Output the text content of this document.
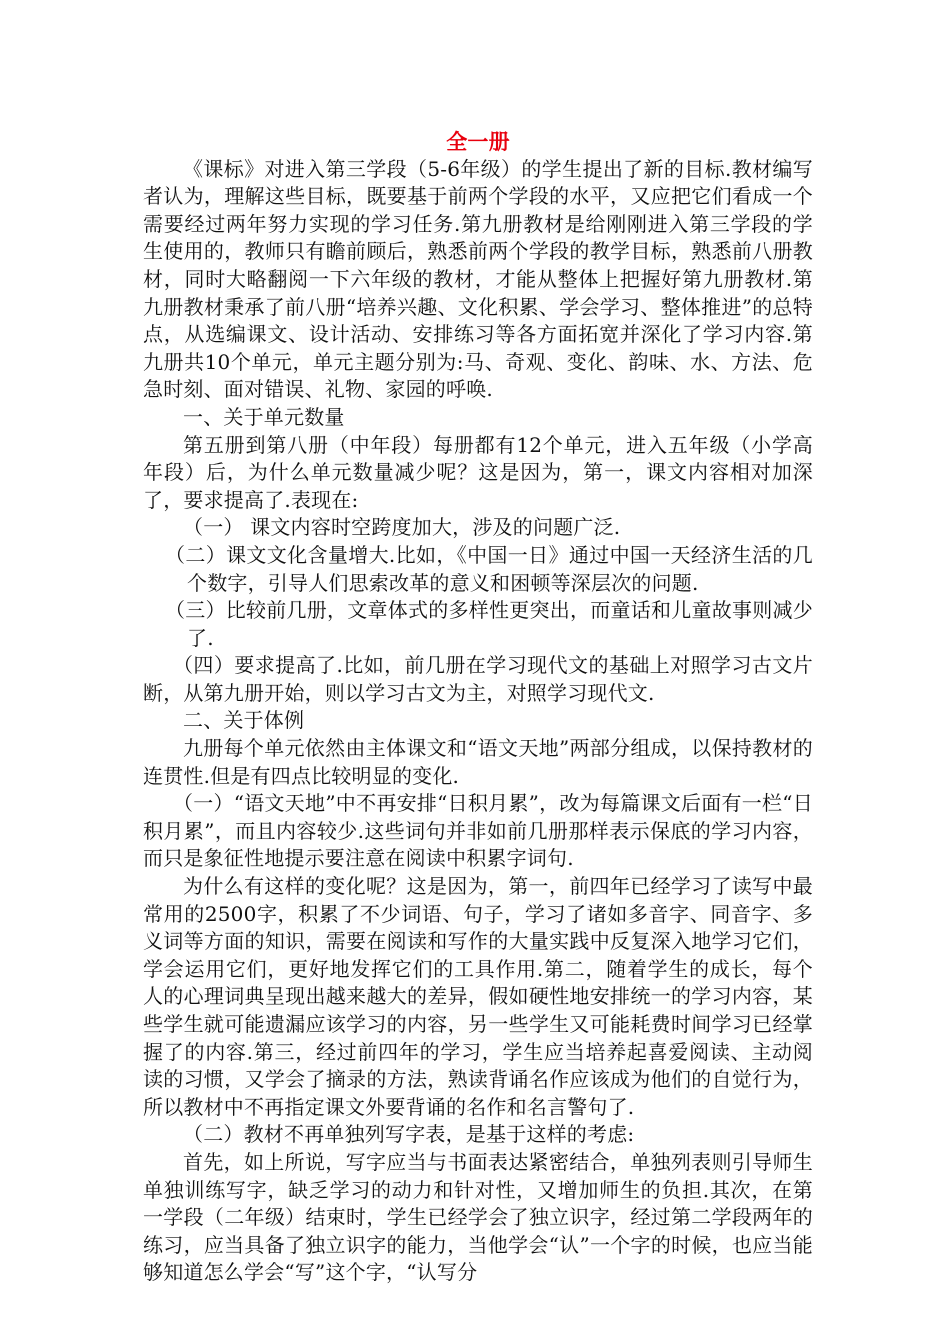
全一册

《课标》对进入第三学段（5-6年级）的学生提出了新的目标.教材编写者认为，理解这些目标，既要基于前两个学段的水平，又应把它们看成一个需要经过两年努力实现的学习任务.第九册教材是给刚刚进入第三学段的学生使用的，教师只有瞻前顾后，熟悉前两个学段的教学目标，熟悉前八册教材，同时大略翻阅一下六年级的教材，才能从整体上把握好第九册教材.第九册教材秉承了前八册“培养兴趣、文化积累、学会学习、整体推进”的总特点，从选编课文、设计活动、安排练习等各方面拓宽并深化了学习内容.第九册共10个单元，单元主题分别为:马、奇观、变化、韵味、水、方法、危急时刻、面对错误、礼物、家园的呼唤.

一、关于单元数量

第五册到第八册（中年段）每册都有12个单元，进入五年级（小学高年段）后，为什么单元数量减少呢？这是因为，第一，课文内容相对加深了，要求提高了.表现在:

（一） 课文内容时空跨度加大，涉及的问题广泛.

（二）课文文化含量增大.比如，《中国一日》通过中国一天经济生活的几个数字，引导人们思索改革的意义和困顿等深层次的问题.

（三）比较前几册，文章体式的多样性更突出，而童话和儿童故事则减少了.

（四）要求提高了.比如，前几册在学习现代文的基础上对照学习古文片断，从第九册开始，则以学习古文为主，对照学习现代文.

二、关于体例

九册每个单元依然由主体课文和“语文天地”两部分组成，以保持教材的连贯性.但是有四点比较明显的变化.

（一）“语文天地”中不再安排“日积月累”，改为每篇课文后面有一栏“日积月累”，而且内容较少.这些词句并非如前几册那样表示保底的学习内容，而只是象征性地提示要注意在阅读中积累字词句.

为什么有这样的变化呢？这是因为，第一，前四年已经学习了读写中最常用的2500字，积累了不少词语、句子，学习了诸如多音字、同音字、多义词等方面的知识，需要在阅读和写作的大量实践中反复深入地学习它们，学会运用它们，更好地发挥它们的工具作用.第二，随着学生的成长，每个人的心理词典呈现出越来越大的差异，假如硬性地安排统一的学习内容，某些学生就可能遗漏应该学习的内容，另一些学生又可能耗费时间学习已经掌握了的内容.第三，经过前四年的学习，学生应当培养起喜爱阅读、主动阅读的习惯，又学会了摘录的方法，熟读背诵名作应该成为他们的自觉行为，所以教材中不再指定课文外要背诵的名作和名言警句了.

（二）教材不再单独列写字表，是基于这样的考虑:

首先，如上所说，写字应当与书面表达紧密结合，单独列表则引导师生单独训练写字，缺乏学习的动力和针对性，又增加师生的负担.其次，在第一学段（二年级）结束时，学生已经学会了独立识字，经过第二学段两年的练习，应当具备了独立识字的能力，当他学会“认”一个字的时候，也应当能够知道怎么学会“写”这个字，“认写分
